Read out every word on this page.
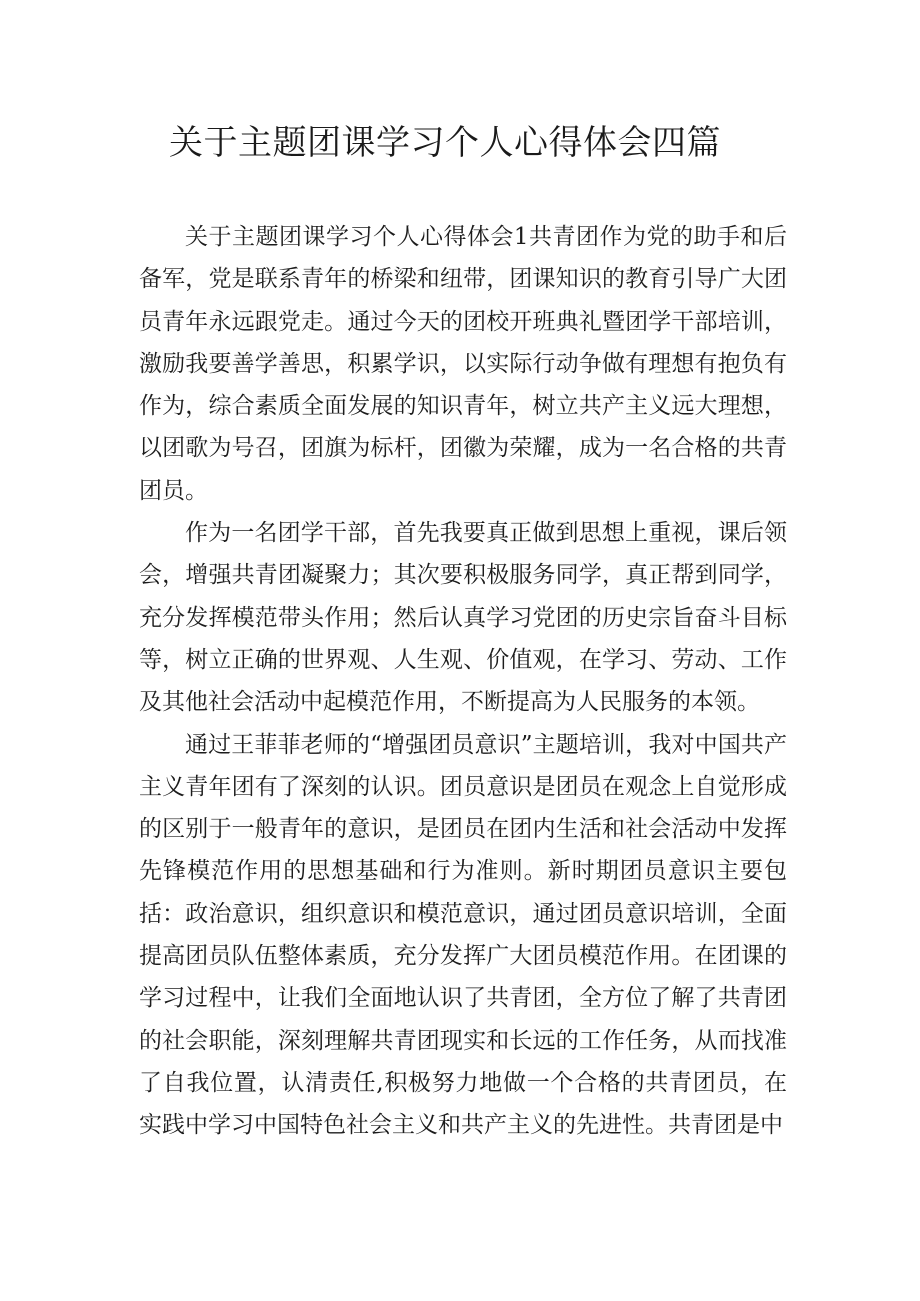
关于主题团课学习个人心得体会四篇

关于主题团课学习个人心得体会1共青团作为党的助手和后备军，党是联系青年的桥梁和纽带，团课知识的教育引导广大团员青年永远跟党走。通过今天的团校开班典礼暨团学干部培训，激励我要善学善思，积累学识，以实际行动争做有理想有抱负有作为，综合素质全面发展的知识青年，树立共产主义远大理想，以团歌为号召，团旗为标杆，团徽为荣耀，成为一名合格的共青团员。

作为一名团学干部，首先我要真正做到思想上重视，课后领会，增强共青团凝聚力；其次要积极服务同学，真正帮到同学，充分发挥模范带头作用；然后认真学习党团的历史宗旨奋斗目标等，树立正确的世界观、人生观、价值观，在学习、劳动、工作及其他社会活动中起模范作用，不断提高为人民服务的本领。

通过王菲菲老师的“增强团员意识”主题培训，我对中国共产主义青年团有了深刻的认识。团员意识是团员在观念上自觉形成的区别于一般青年的意识，是团员在团内生活和社会活动中发挥先锋模范作用的思想基础和行为准则。新时期团员意识主要包括：政治意识，组织意识和模范意识，通过团员意识培训，全面提高团员队伍整体素质，充分发挥广大团员模范作用。在团课的学习过程中，让我们全面地认识了共青团，全方位了解了共青团的社会职能，深刻理解共青团现实和长远的工作任务，从而找准了自我位置，认清责任,积极努力地做一个合格的共青团员，在实践中学习中国特色社会主义和共产主义的先进性。共青团是中
